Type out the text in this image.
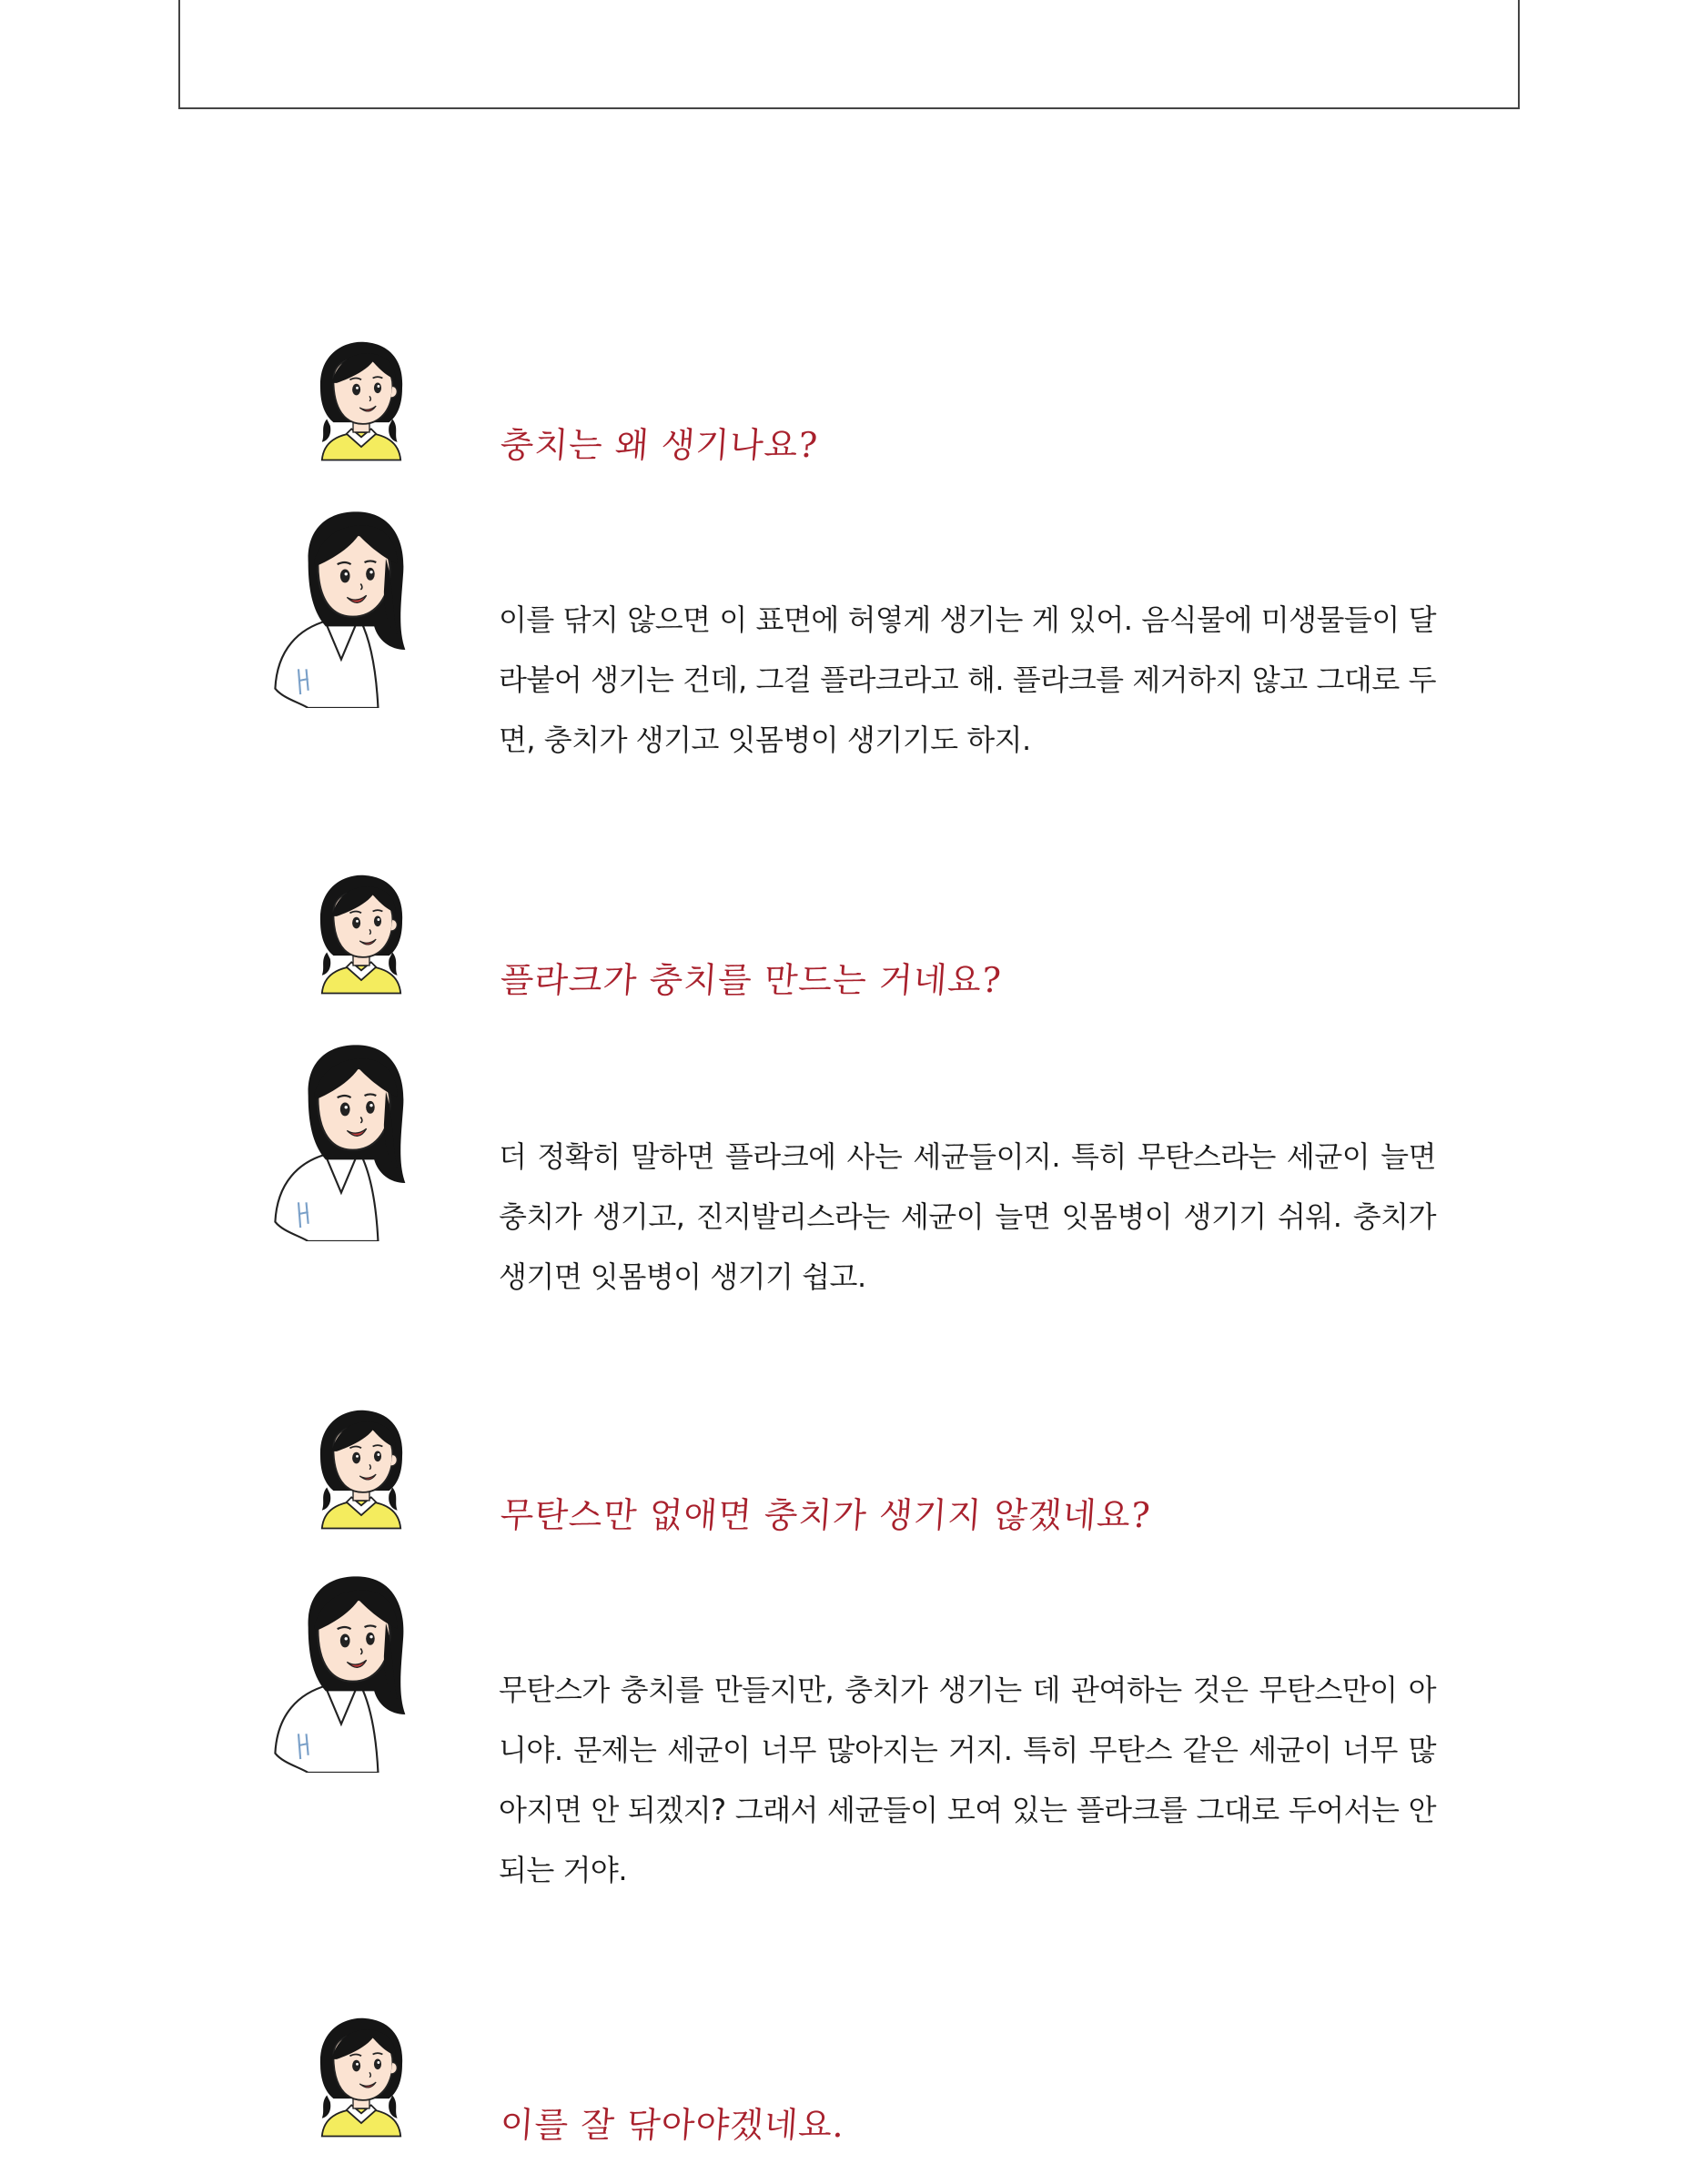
충치는 왜 생기나요?

이를 닦지 않으면 이 표면에 허옇게 생기는 게 있어. 음식물에 미생물들이 달라붙어 생기는 건데, 그걸 플라크라고 해. 플라크를 제거하지 않고 그대로 두면, 충치가 생기고 잇몸병이 생기기도 하지.

플라크가 충치를 만드는 거네요?

더 정확히 말하면 플라크에 사는 세균들이지. 특히 무탄스라는 세균이 늘면 충치가 생기고, 진지발리스라는 세균이 늘면 잇몸병이 생기기 쉬워. 충치가 생기면 잇몸병이 생기기 쉽고.

무탄스만 없애면 충치가 생기지 않겠네요?

무탄스가 충치를 만들지만, 충치가 생기는 데 관여하는 것은 무탄스만이 아니야. 문제는 세균이 너무 많아지는 거지. 특히 무탄스 같은 세균이 너무 많아지면 안 되겠지? 그래서 세균들이 모여 있는 플라크를 그대로 두어서는 안 되는 거야.

이를 잘 닦아야겠네요.
